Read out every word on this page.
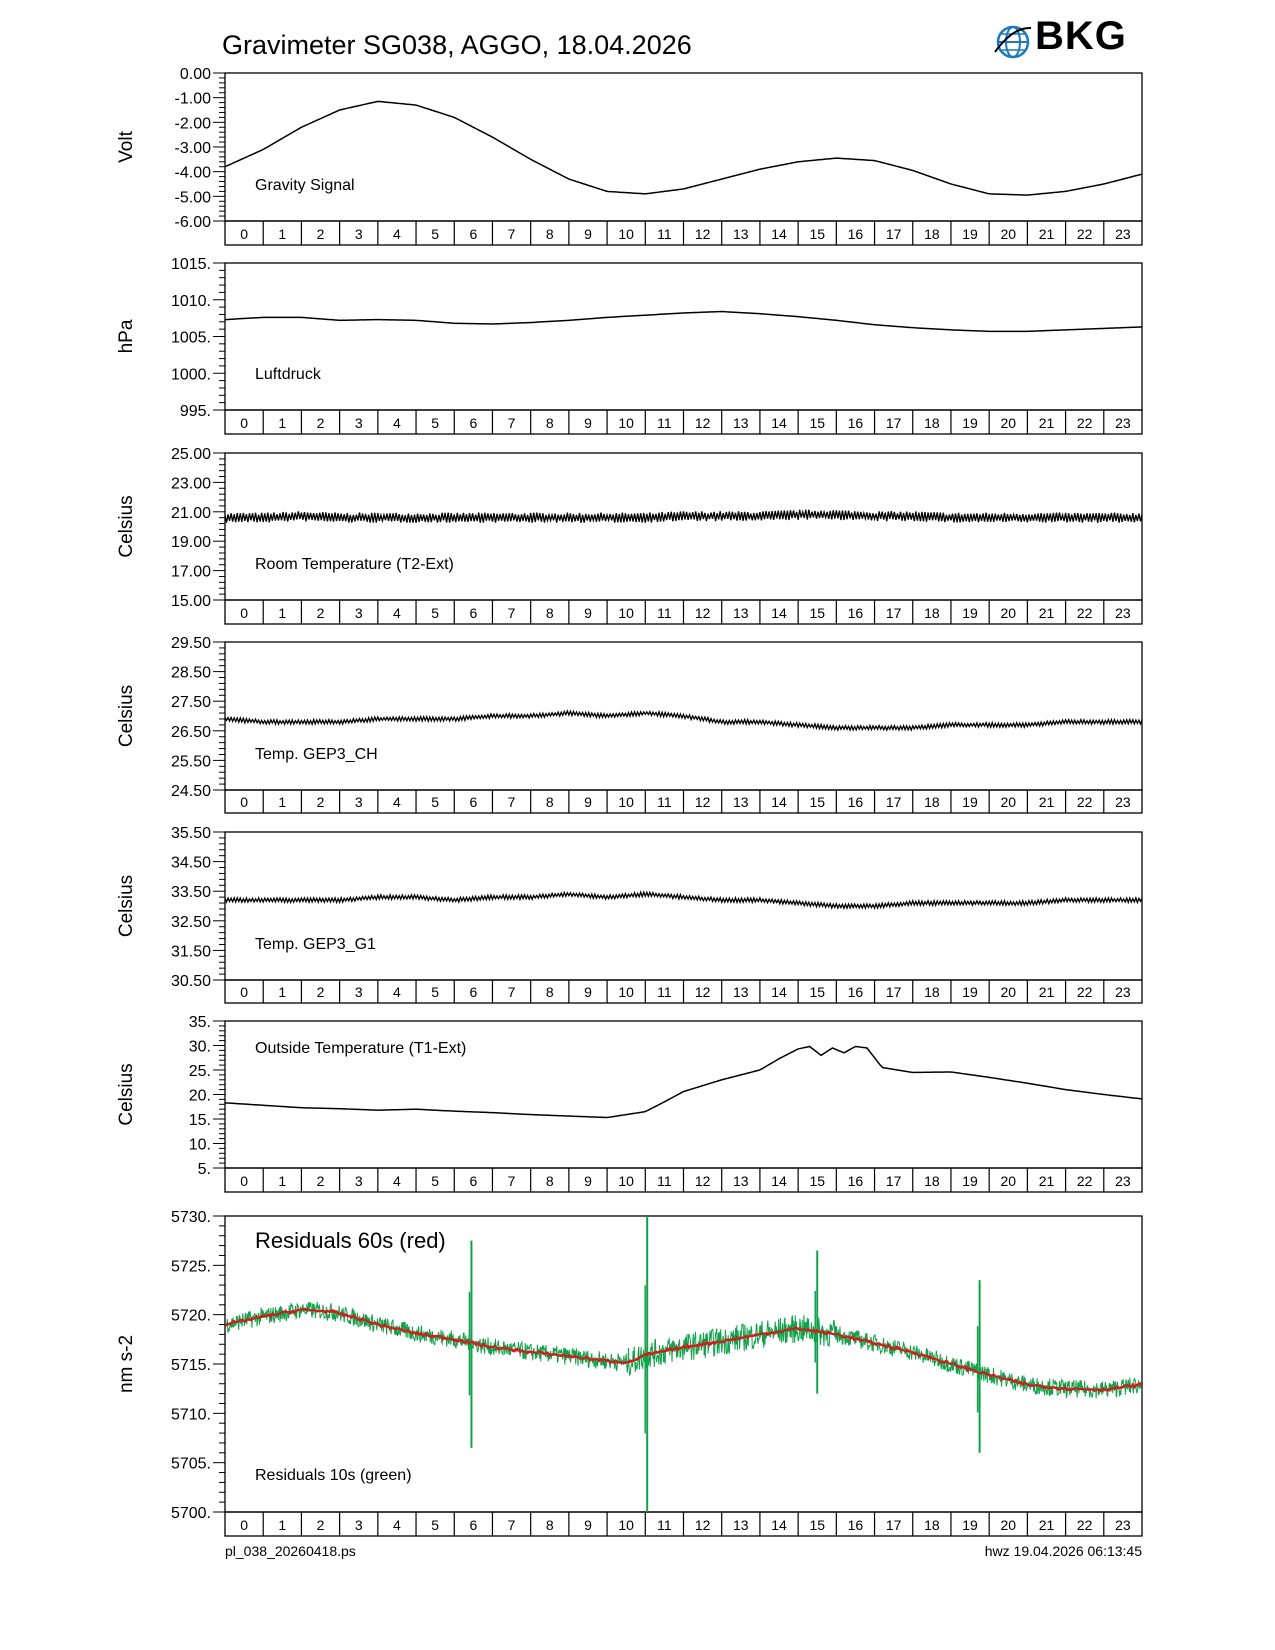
Gravimeter SG038, AGGO, 18.04.2026	BKG
0 1 2 3 4 5 6 7 8 9 10 11 12 13 14 15 16 17 18 19 20 21 22 23
0.00
-1.00
-2.00
-3.00
-4.00
-5.00
-6.00
Volt
Gravity Signal
0 1 2 3 4 5 6 7 8 9 10 11 12 13 14 15 16 17 18 19 20 21 22 23
1015.
1010.
1005.
1000.
995.
hPa
Luftdruck
0 1 2 3 4 5 6 7 8 9 10 11 12 13 14 15 16 17 18 19 20 21 22 23
25.00
23.00
21.00
19.00
17.00
15.00
Celsius
Room Temperature (T2-Ext)
0 1 2 3 4 5 6 7 8 9 10 11 12 13 14 15 16 17 18 19 20 21 22 23
29.50
28.50
27.50
26.50
25.50
24.50
Celsius
Temp. GEP3_CH
0 1 2 3 4 5 6 7 8 9 10 11 12 13 14 15 16 17 18 19 20 21 22 23
35.50
34.50
33.50
32.50
31.50
30.50
Celsius
Temp. GEP3_G1
0 1 2 3 4 5 6 7 8 9 10 11 12 13 14 15 16 17 18 19 20 21 22 23
35.
30.
25.
20.
15.
10.
5.
Celsius
Outside Temperature (T1-Ext)
0 1 2 3 4 5 6 7 8 9 10 11 12 13 14 15 16 17 18 19 20 21 22 23
5730.
5725.
5720.
5715.
5710.
5705.
5700.
nm s-2
Residuals 60s (red)
Residuals 10s (green)
pl_038_20260418.ps	hwz 19.04.2026 06:13:45
